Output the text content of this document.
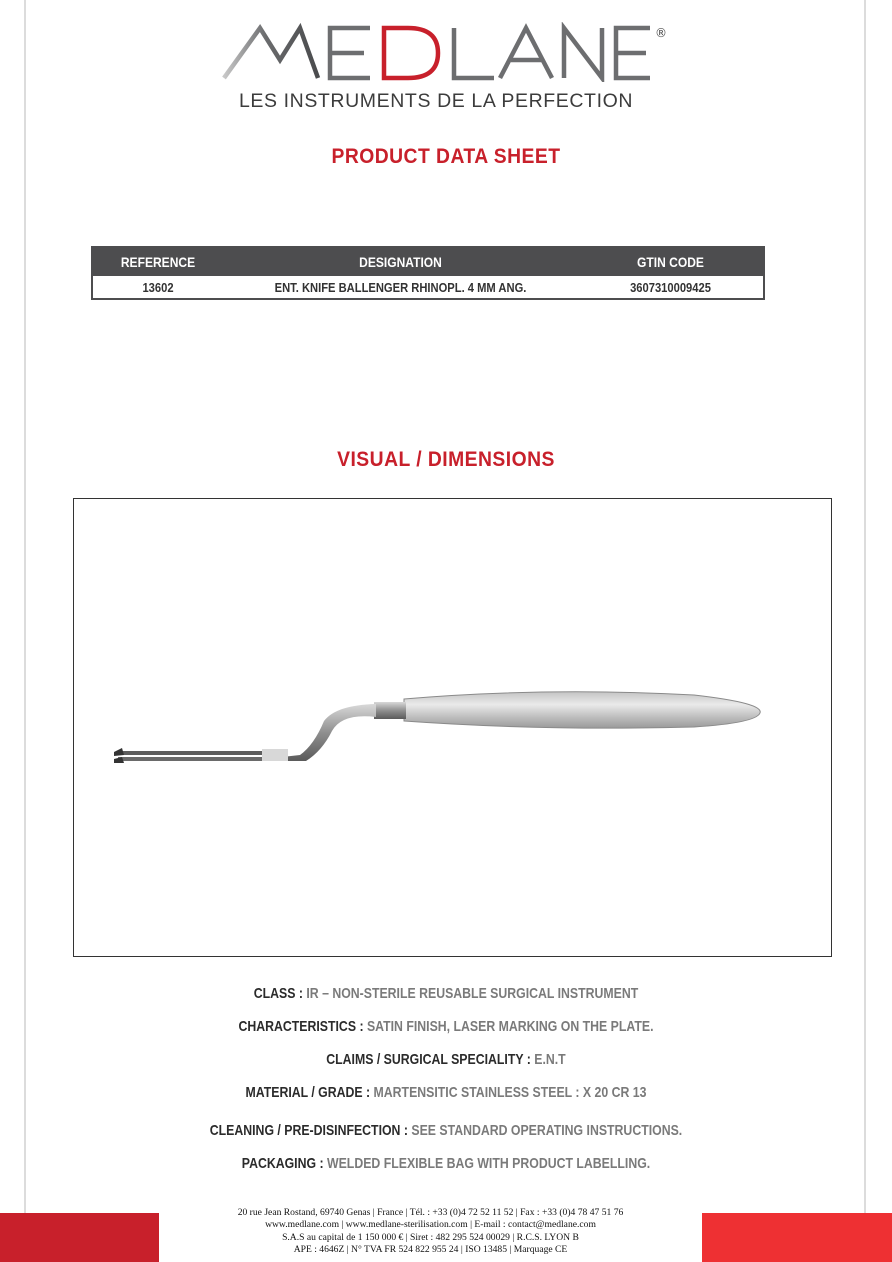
®
LES INSTRUMENTS DE LA PERFECTION
PRODUCT DATA SHEET
REFERENCE	DESIGNATION	GTIN CODE
13602	ENT. KNIFE BALLENGER RHINOPL. 4 MM ANG.	3607310009425
VISUAL / DIMENSIONS
CLASS : IR – NON-STERILE REUSABLE SURGICAL INSTRUMENT
CHARACTERISTICS : SATIN FINISH, LASER MARKING ON THE PLATE.
CLAIMS / SURGICAL SPECIALITY : E.N.T
MATERIAL / GRADE : MARTENSITIC STAINLESS STEEL : X 20 CR 13
CLEANING / PRE-DISINFECTION : SEE STANDARD OPERATING INSTRUCTIONS.
PACKAGING : WELDED FLEXIBLE BAG WITH PRODUCT LABELLING.
20 rue Jean Rostand, 69740 Genas | France | Tél. : +33 (0)4 72 52 11 52 | Fax : +33 (0)4 78 47 51 76
www.medlane.com | www.medlane-sterilisation.com | E-mail : contact@medlane.com
S.A.S au capital de 1 150 000 € | Siret : 482 295 524 00029 | R.C.S. LYON B
APE : 4646Z | N° TVA FR 524 822 955 24 | ISO 13485 | Marquage CE
